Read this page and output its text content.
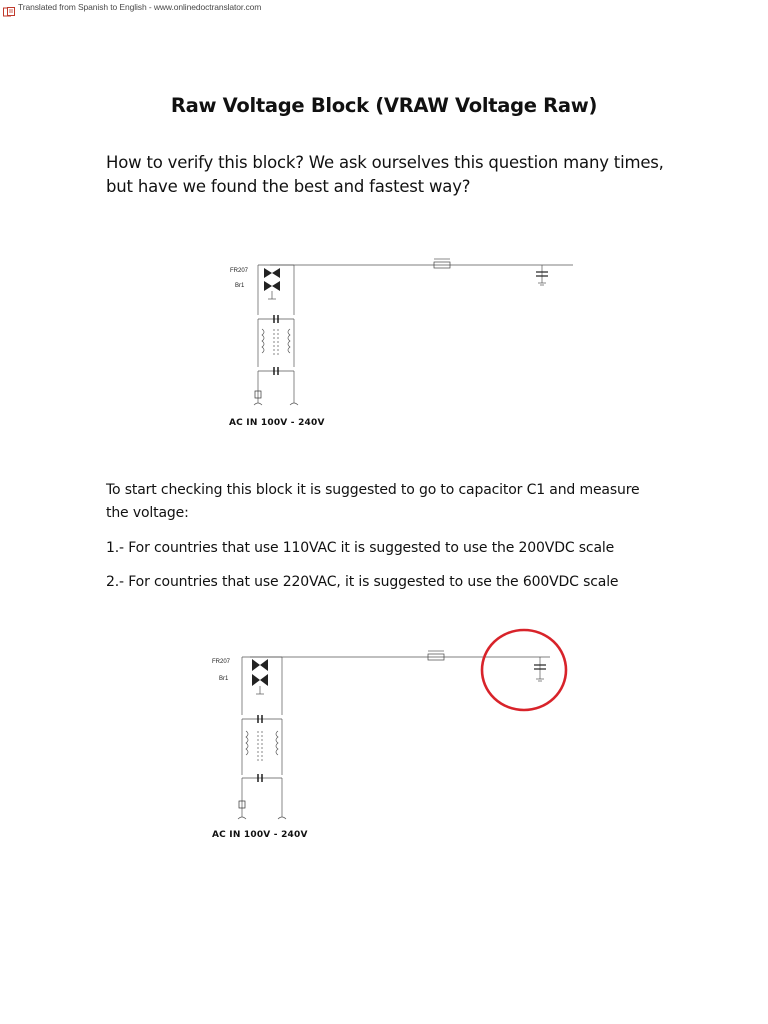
Translated from Spanish to English - www.onlinedoctranslator.com
Raw Voltage Block (VRAW Voltage Raw)

How to verify this block? We ask ourselves this question many times, but have we found the best and fastest way?

FR207
Br1
AC IN 100V - 240V

To start checking this block it is suggested to go to capacitor C1 and measure the voltage:

1.- For countries that use 110VAC it is suggested to use the 200VDC scale

2.- For countries that use 220VAC, it is suggested to use the 600VDC scale

FR207
Br1
AC IN 100V - 240V
